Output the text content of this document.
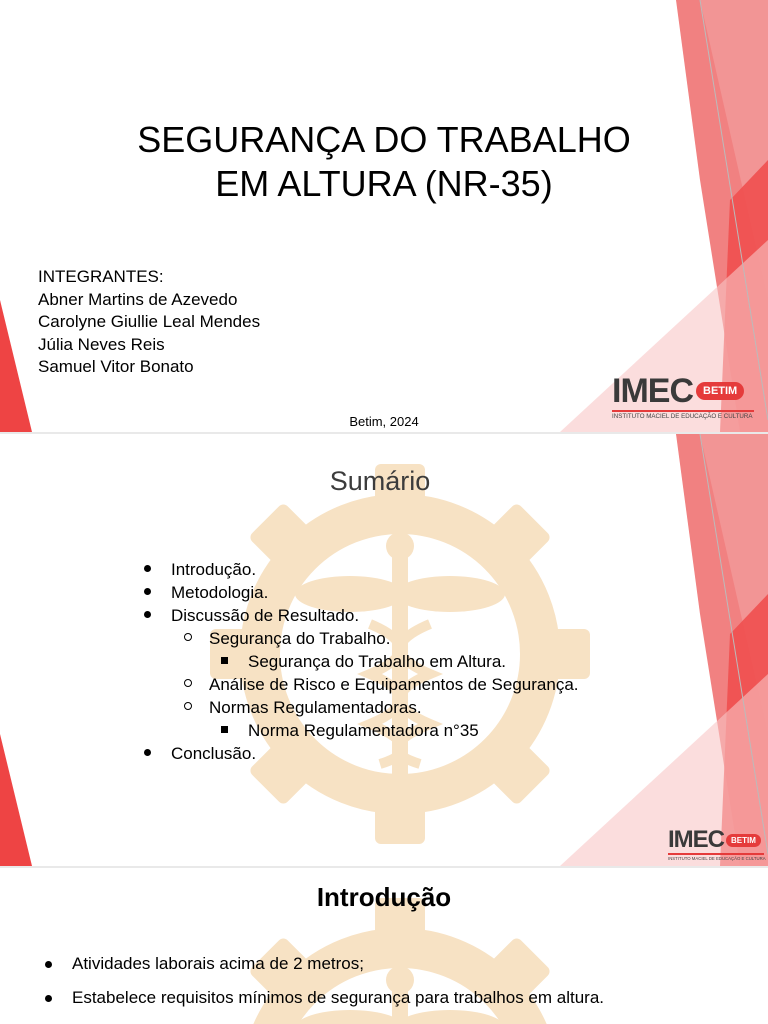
SEGURANÇA DO TRABALHO
EM ALTURA (NR-35)
INTEGRANTES:
Abner Martins de Azevedo
Carolyne Giullie Leal Mendes
Júlia Neves Reis
Samuel Vitor Bonato
Betim, 2024
IMEC BETIM
INSTITUTO MACIEL DE EDUCAÇÃO E CULTURA
Sumário
Introdução.
Metodologia.
Discussão de Resultado.
Segurança do Trabalho.
Segurança do Trabalho em Altura.
Análise de Risco e Equipamentos de Segurança.
Normas Regulamentadoras.
Norma Regulamentadora n°35
Conclusão.
IMEC BETIM
INSTITUTO MACIEL DE EDUCAÇÃO E CULTURA
Introdução
Atividades laborais acima de 2 metros;
Estabelece requisitos mínimos de segurança para trabalhos em altura.
